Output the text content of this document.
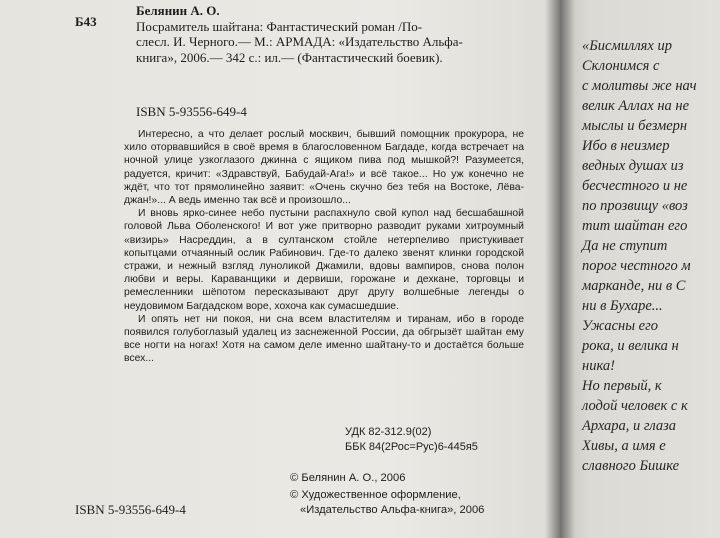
Б43

Белянин А. О.

Посрамитель шайтана: Фантастический роман /По-

слесл. И. Черного.— М.: АРМАДА: «Издательство Альфа-

книга», 2006.— 342 с.: ил.— (Фантастический боевик).

ISBN 5-93556-649-4

Интересно, а что делает рослый москвич, бывший помощник прокурора, не хило оторвавшийся в своё время в благословенном Багдаде, когда встречает на ночной улице узкоглазого джинна с ящиком пива под мышкой?! Разумеется, радуется, кричит: «Здравствуй, Бабудай-Ага!» и всё такое... Но уж конечно не ждёт, что тот прямолинейно заявит: «Очень скучно без тебя на Востоке, Лёва-джан!»... А ведь именно так всё и произошло...

И вновь ярко-синее небо пустыни распахнуло свой купол над бесшабашной головой Льва Оболенского! И вот уже притворно разводит руками хитроумный «визирь» Насреддин, а в султанском стойле нетерпеливо пристукивает копытцами отчаянный ослик Рабинович. Где-то далеко звенят клинки городской стражи, и нежный взгляд луноликой Джамили, вдовы вампиров, снова полон любви и веры. Караванщики и дервиши, горожане и дехкане, торговцы и ремесленники шёпотом пересказывают друг другу волшебные легенды о неудовимом Багдадском воре, хохоча как сумасшедшие.

И опять нет ни покоя, ни сна всем властителям и тиранам, ибо в городе появился голубоглазый удалец из заснеженной России, да обгрызёт шайтан ему все ногти на ногах! Хотя на самом деле именно шайтану-то и достаётся больше всех...

УДК 82-312.9(02)
ББК 84(2Рос=Рус)6-445я5
© Белянин А. О., 2006
© Художественное оформление,
«Издательство Альфа-книга», 2006
ISBN 5-93556-649-4
«Бисмиллях ир
Склонимся с
с молитвы же нач
велик Аллах на не
мыслы и безмерн
Ибо в неизмер
ведных душах из
бесчестного и не
по прозвищу «воз
тит шайтан его
Да не ступит
порог честного м
марканде, ни в С
ни в Бухаре...
Ужасны его
рока, и велика н
ника!
Но первый, к
лодой человек с к
Архара, и глаза
Хивы, а имя е
славного Бишке
